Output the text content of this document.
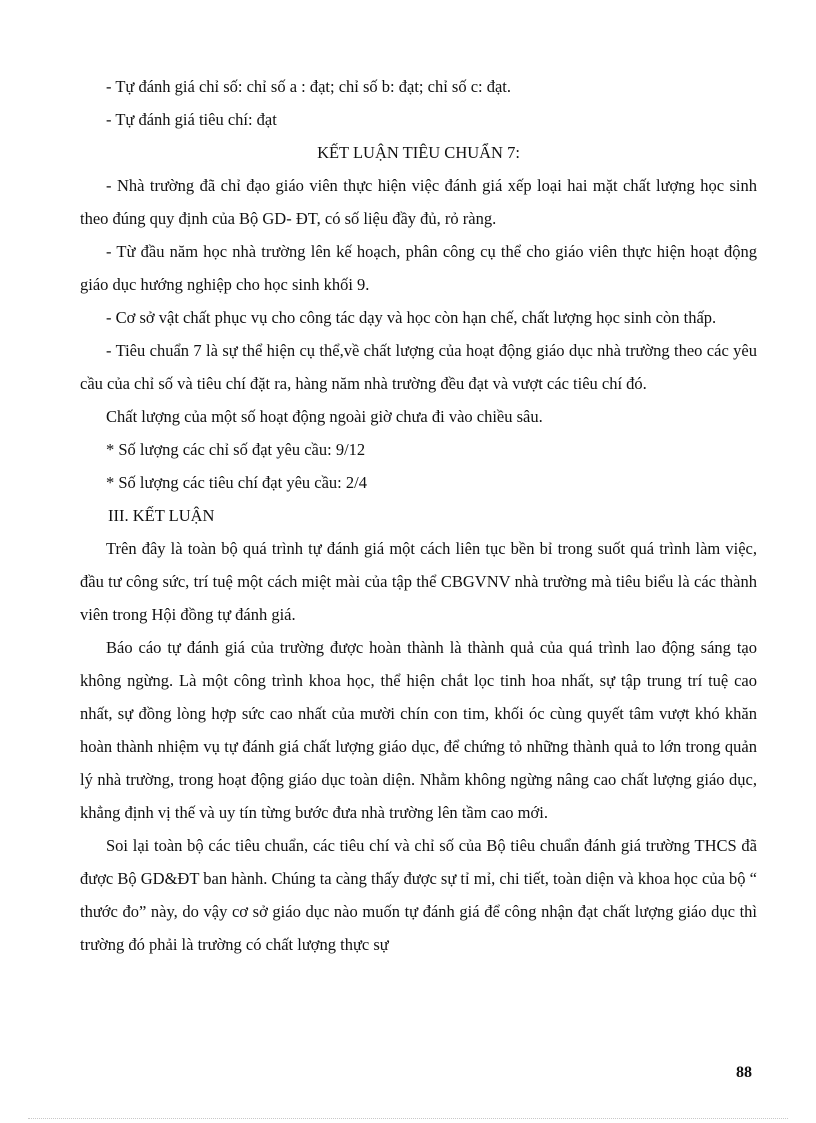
- Tự đánh giá chỉ số: chỉ số a : đạt; chỉ số b: đạt; chỉ số c: đạt.

- Tự đánh giá tiêu chí: đạt

KẾT LUẬN TIÊU CHUẨN 7:

- Nhà trường đã chỉ đạo giáo viên thực hiện việc đánh giá xếp loại hai mặt chất lượng học sinh theo đúng quy định của Bộ GD- ĐT, có số liệu đầy đủ, rỏ ràng.

- Từ đầu năm học nhà trường lên kế hoạch, phân công cụ thể cho giáo viên thực hiện hoạt động giáo dục hướng nghiệp cho học sinh khối 9.

- Cơ sở vật chất phục vụ cho công tác dạy và học còn hạn chế, chất lượng học sinh còn thấp.

- Tiêu chuẩn 7 là sự thể hiện cụ thể,về chất lượng của hoạt động giáo dục nhà trường theo các yêu cầu của chỉ số và tiêu chí đặt ra, hàng năm nhà trường đều đạt và vượt các tiêu chí đó.

Chất lượng của một số hoạt động ngoài giờ chưa đi vào chiều sâu.

* Số lượng các chỉ số đạt yêu cầu: 9/12

* Số lượng các tiêu chí đạt yêu cầu: 2/4

III. KẾT LUẬN

Trên đây là toàn bộ quá trình tự đánh giá một cách liên tục bền bỉ trong suốt quá trình làm việc, đầu tư công sức, trí tuệ một cách miệt mài của tập thể CBGVNV nhà trường mà tiêu biểu là các thành viên trong Hội đồng tự đánh giá.

Báo cáo tự đánh giá của trường được hoàn thành là thành quả của quá trình lao động sáng tạo không ngừng. Là một công trình khoa học, thể hiện chắt lọc tinh hoa nhất, sự tập trung trí tuệ cao nhất, sự đồng lòng hợp sức cao nhất của mười chín con tim, khối óc cùng quyết tâm vượt khó khăn hoàn thành nhiệm vụ tự đánh giá chất lượng giáo dục, để chứng tỏ những thành quả to lớn trong quản lý nhà trường, trong hoạt động giáo dục toàn diện. Nhằm không ngừng nâng cao chất lượng giáo dục, khẳng định vị thế và uy tín từng bước đưa nhà trường lên tầm cao mới.

Soi lại toàn bộ các tiêu chuẩn, các tiêu chí và chỉ số của Bộ tiêu chuẩn đánh giá trường THCS đã được Bộ GD&ĐT ban hành. Chúng ta càng thấy được sự tỉ mỉ, chi tiết, toàn diện và khoa học của bộ “ thước đo” này, do vậy cơ sở giáo dục nào muốn tự đánh giá để công nhận đạt chất lượng giáo dục thì trường đó phải là trường có chất lượng thực sự

88
